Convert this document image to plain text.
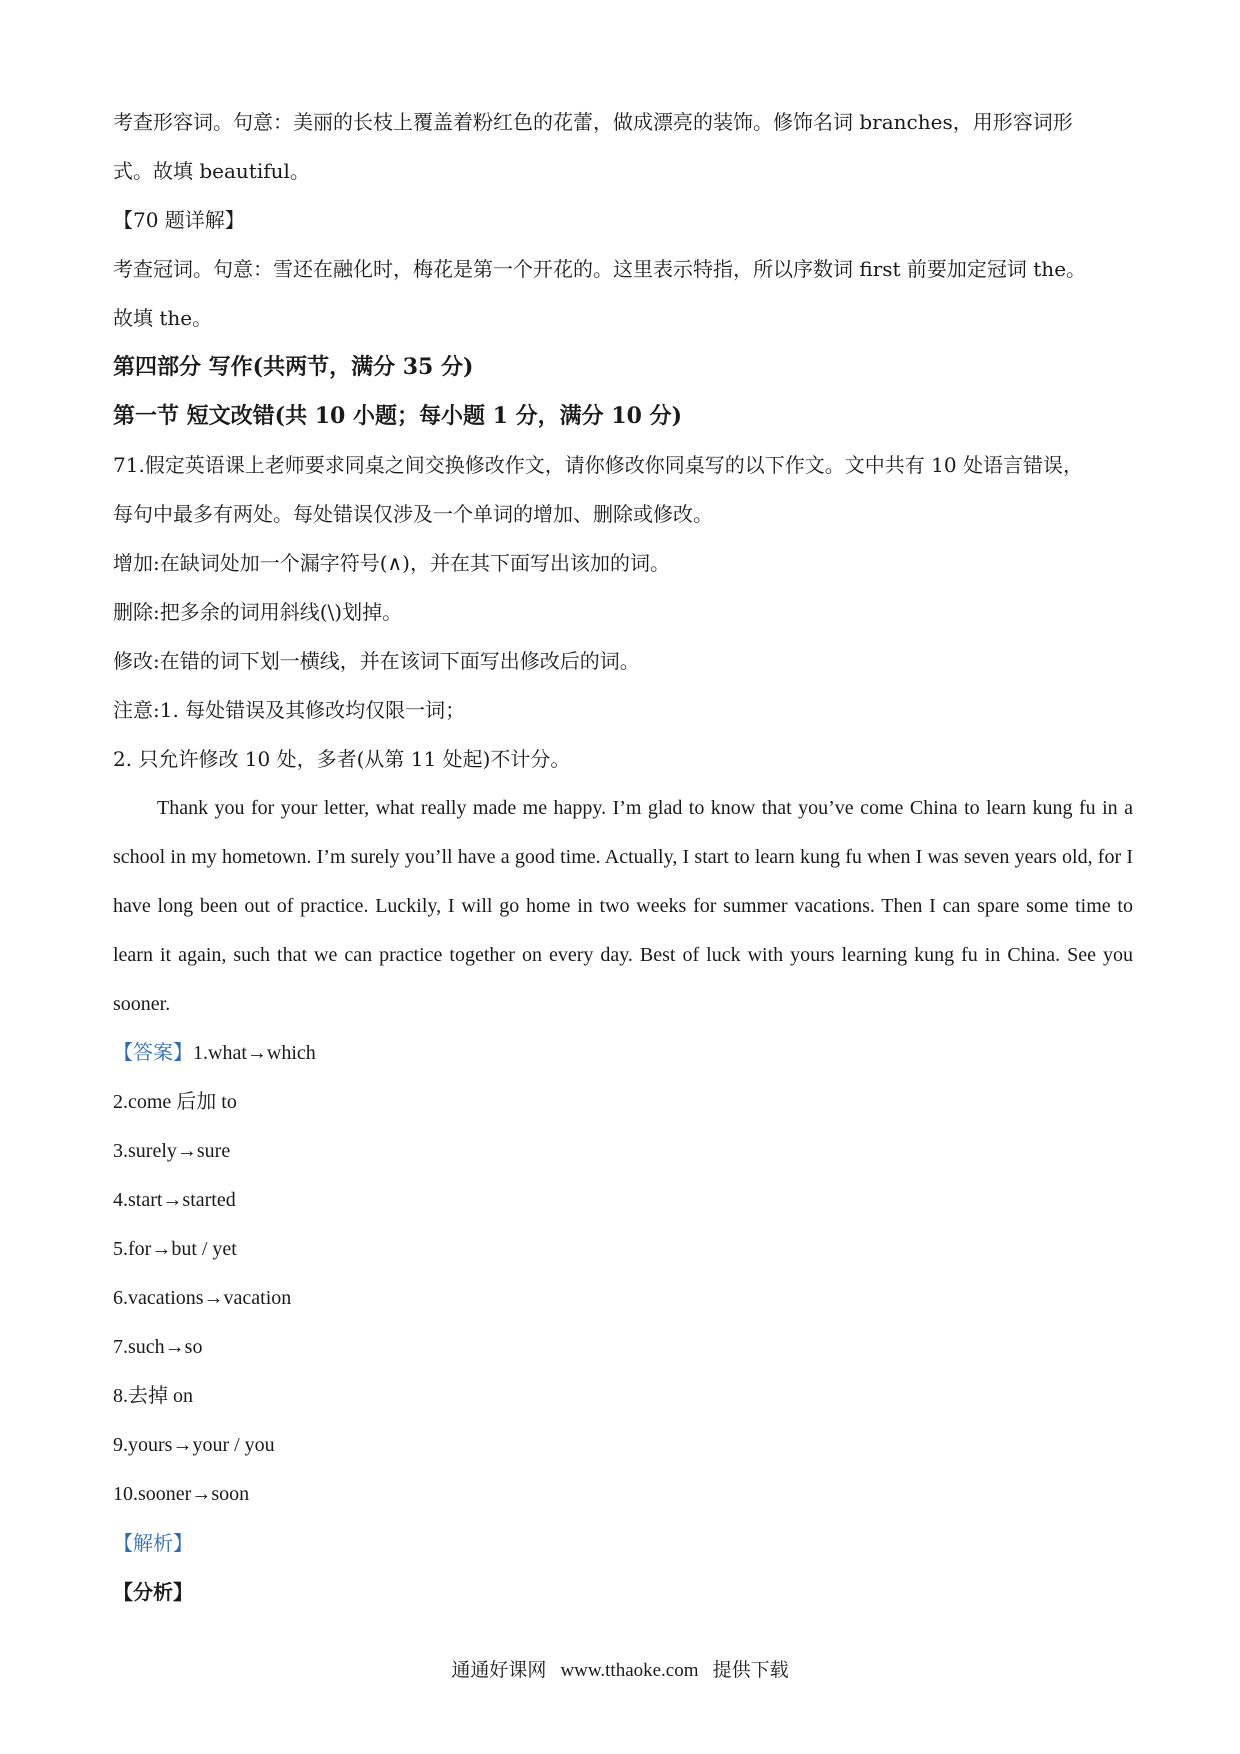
考查形容词。句意：美丽的长枝上覆盖着粉红色的花蕾，做成漂亮的装饰。修饰名词 branches，用形容词形
式。故填 beautiful。
【70 题详解】
考查冠词。句意：雪还在融化时，梅花是第一个开花的。这里表示特指，所以序数词 first 前要加定冠词 the。
故填 the。
第四部分 写作(共两节，满分 35 分)
第一节 短文改错(共 10 小题；每小题 1 分，满分 10 分)
71.假定英语课上老师要求同桌之间交换修改作文，请你修改你同桌写的以下作文。文中共有 10 处语言错误，
每句中最多有两处。每处错误仅涉及一个单词的增加、删除或修改。
增加:在缺词处加一个漏字符号(∧)，并在其下面写出该加的词。
删除:把多余的词用斜线(\)划掉。
修改:在错的词下划一横线，并在该词下面写出修改后的词。
注意:1. 每处错误及其修改均仅限一词；
2. 只允许修改 10 处，多者(从第 11 处起)不计分。
Thank you for your letter, what really made me happy. I’m glad to know that you’ve come China to learn kung fu in a school in my hometown. I’m surely you’ll have a good time. Actually, I start to learn kung fu when I was seven years old, for I have long been out of practice. Luckily, I will go home in two weeks for summer vacations. Then I can spare some time to learn it again, such that we can practice together on every day. Best of luck with yours learning kung fu in China. See you sooner.
【答案】1.what→which
2.come 后加 to
3.surely→sure
4.start→started
5.for→but / yet
6.vacations→vacation
7.such→so
8.去掉 on
9.yours→your / you
10.sooner→soon
【解析】
【分析】
通通好课网 www.tthaoke.com 提供下载
